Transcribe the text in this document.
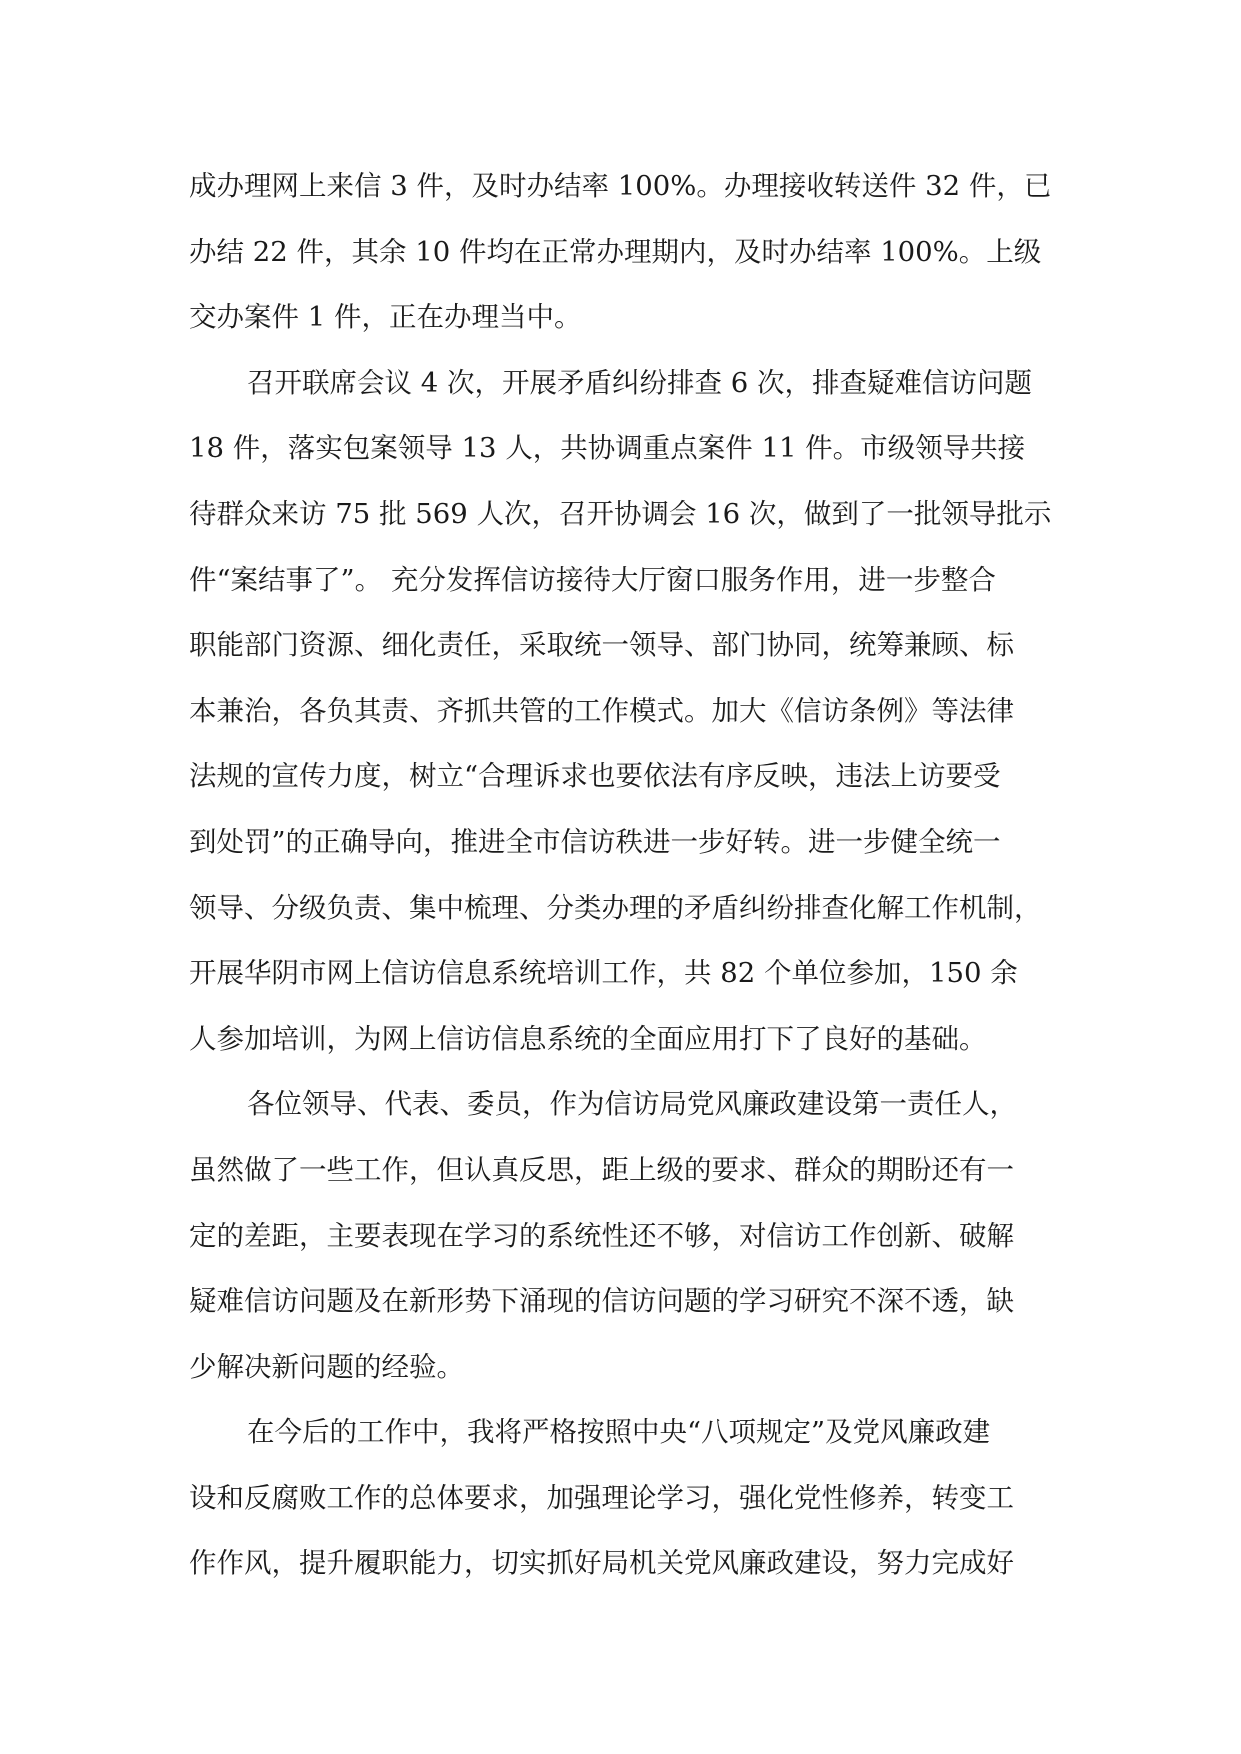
成办理网上来信 3 件，及时办结率 100%。办理接收转送件 32 件，已
办结 22 件，其余 10 件均在正常办理期内，及时办结率 100%。上级
交办案件 1 件，正在办理当中。
召开联席会议 4 次，开展矛盾纠纷排查 6 次，排查疑难信访问题
18 件，落实包案领导 13 人，共协调重点案件 11 件。市级领导共接
待群众来访 75 批 569 人次，召开协调会 16 次，做到了一批领导批示
件“案结事了”。 充分发挥信访接待大厅窗口服务作用，进一步整合
职能部门资源、细化责任，采取统一领导、部门协同，统筹兼顾、标
本兼治，各负其责、齐抓共管的工作模式。加大《信访条例》等法律
法规的宣传力度，树立“合理诉求也要依法有序反映，违法上访要受
到处罚”的正确导向，推进全市信访秩进一步好转。进一步健全统一
领导、分级负责、集中梳理、分类办理的矛盾纠纷排查化解工作机制，
开展华阴市网上信访信息系统培训工作，共 82 个单位参加，150 余
人参加培训，为网上信访信息系统的全面应用打下了良好的基础。
各位领导、代表、委员，作为信访局党风廉政建设第一责任人，
虽然做了一些工作，但认真反思，距上级的要求、群众的期盼还有一
定的差距，主要表现在学习的系统性还不够，对信访工作创新、破解
疑难信访问题及在新形势下涌现的信访问题的学习研究不深不透，缺
少解决新问题的经验。
在今后的工作中，我将严格按照中央“八项规定”及党风廉政建
设和反腐败工作的总体要求，加强理论学习，强化党性修养，转变工
作作风，提升履职能力，切实抓好局机关党风廉政建设，努力完成好
